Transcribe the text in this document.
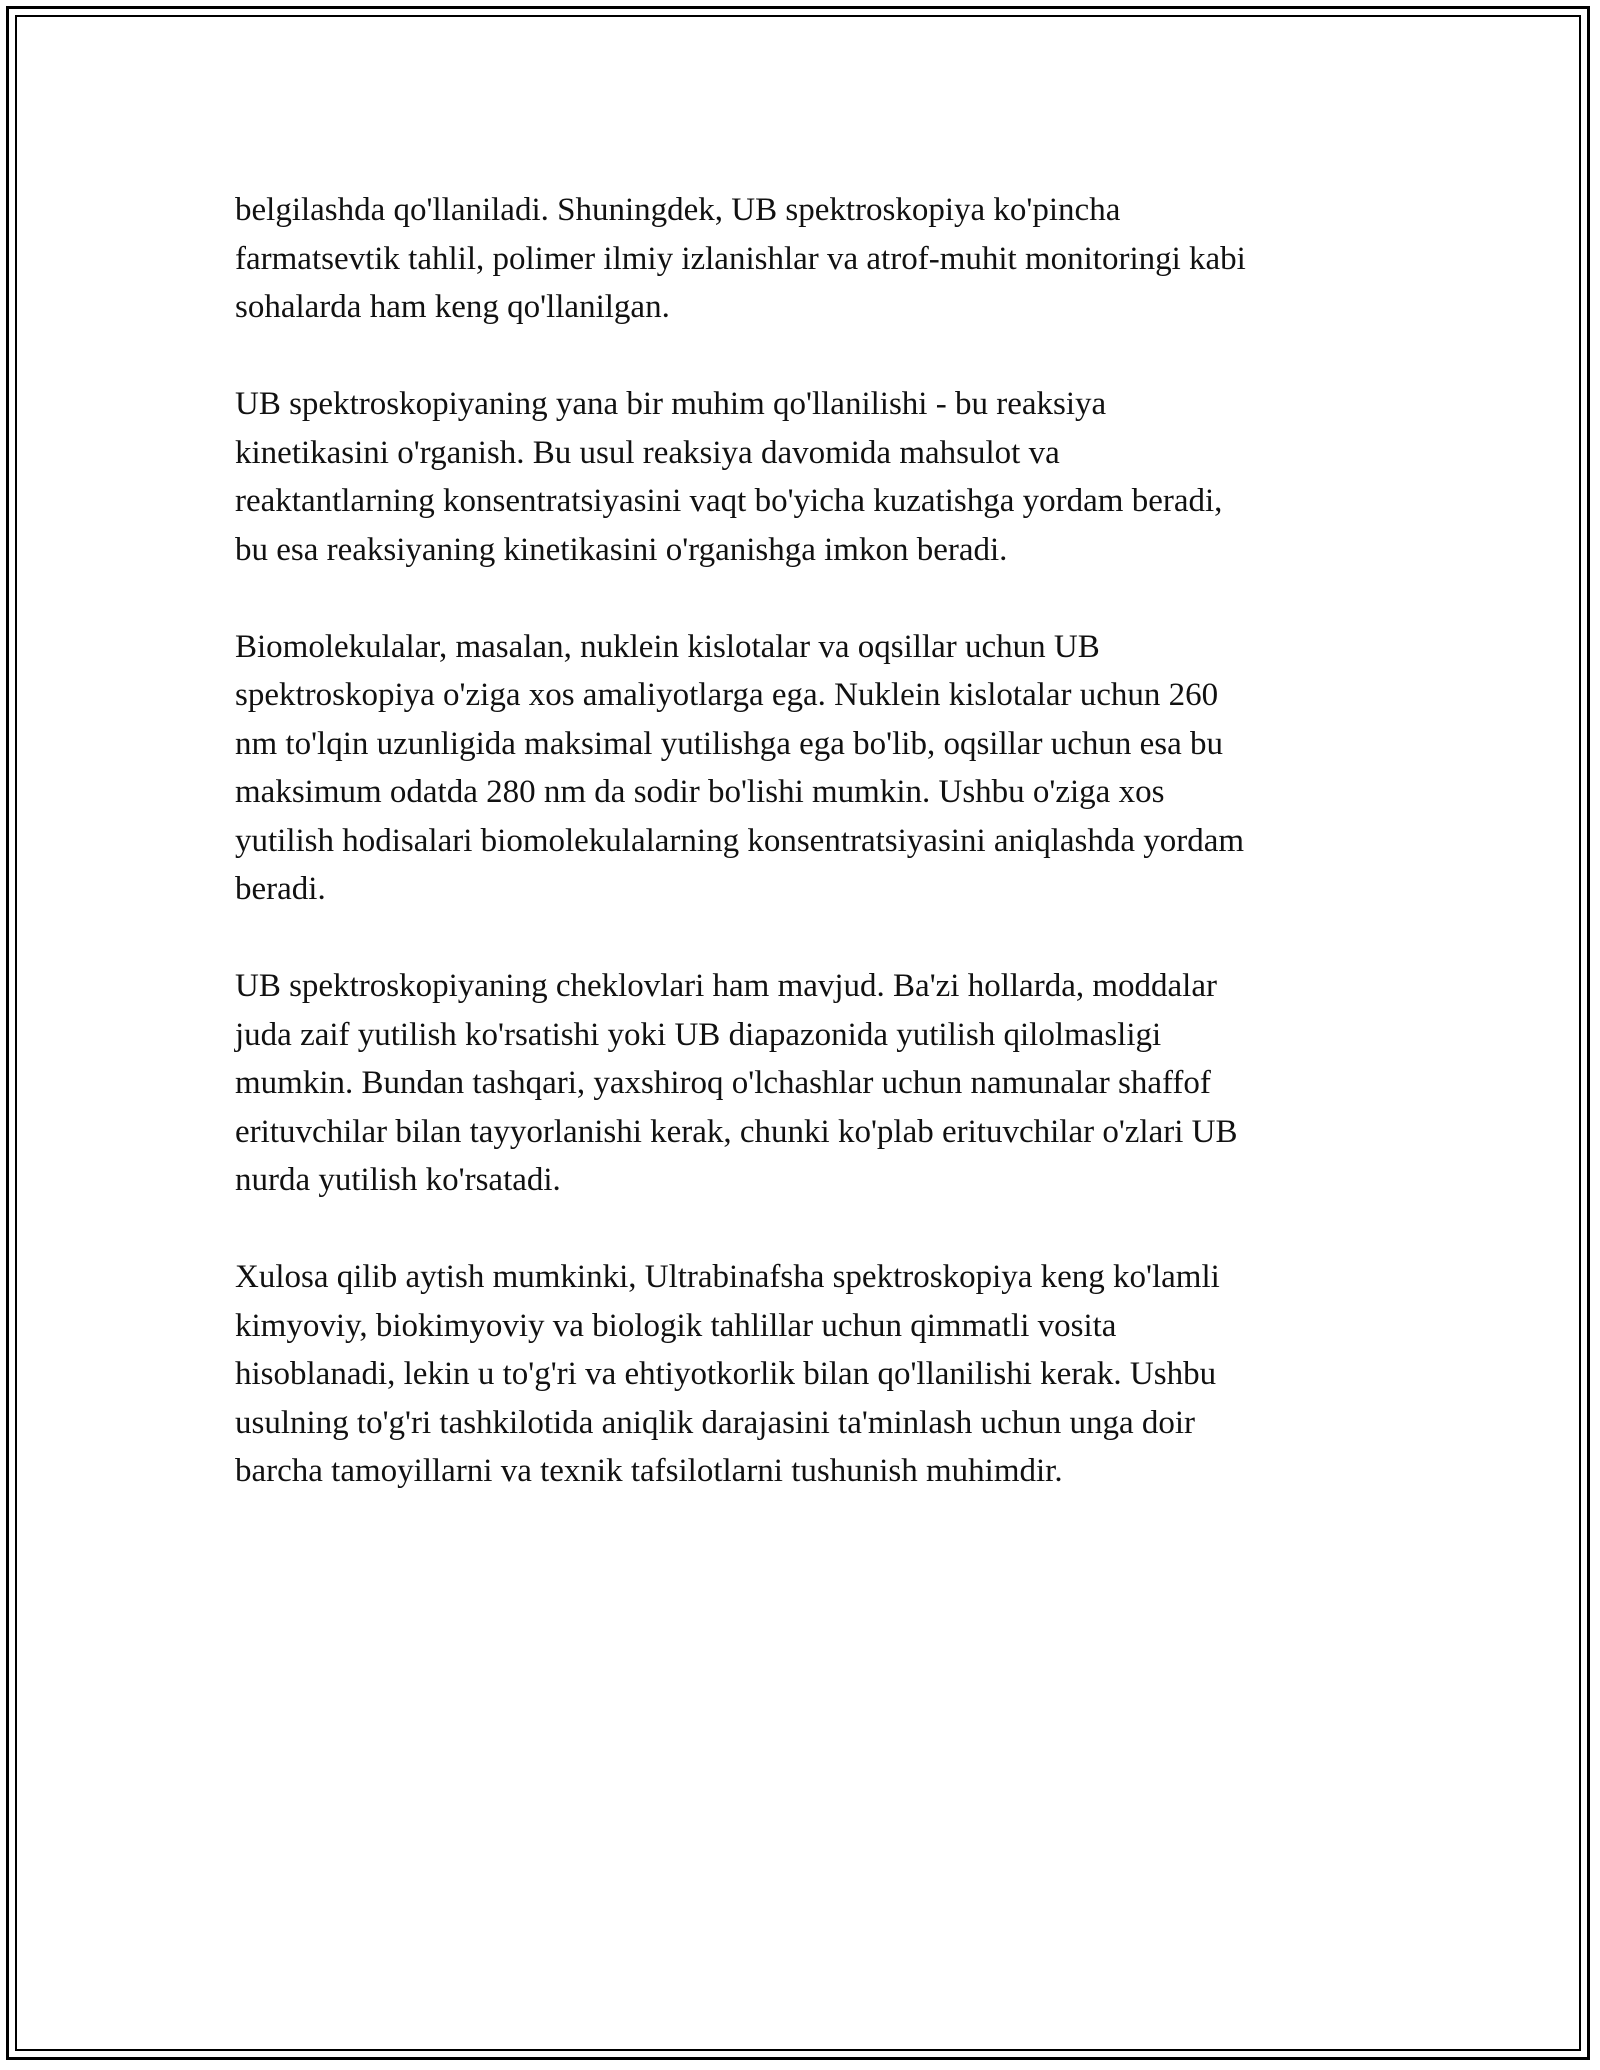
belgilashda qo'llaniladi. Shuningdek, UB spektroskopiya ko'pincha
farmatsevtik tahlil, polimer ilmiy izlanishlar va atrof-muhit monitoringi kabi
sohalarda ham keng qo'llanilgan.

UB spektroskopiyaning yana bir muhim qo'llanilishi - bu reaksiya
kinetikasini o'rganish. Bu usul reaksiya davomida mahsulot va
reaktantlarning konsentratsiyasini vaqt bo'yicha kuzatishga yordam beradi,
bu esa reaksiyaning kinetikasini o'rganishga imkon beradi.

Biomolekulalar, masalan, nuklein kislotalar va oqsillar uchun UB
spektroskopiya o'ziga xos amaliyotlarga ega. Nuklein kislotalar uchun 260
nm to'lqin uzunligida maksimal yutilishga ega bo'lib, oqsillar uchun esa bu
maksimum odatda 280 nm da sodir bo'lishi mumkin. Ushbu o'ziga xos
yutilish hodisalari biomolekulalarning konsentratsiyasini aniqlashda yordam
beradi.

UB spektroskopiyaning cheklovlari ham mavjud. Ba'zi hollarda, moddalar
juda zaif yutilish ko'rsatishi yoki UB diapazonida yutilish qilolmasligi
mumkin. Bundan tashqari, yaxshiroq o'lchashlar uchun namunalar shaffof
erituvchilar bilan tayyorlanishi kerak, chunki ko'plab erituvchilar o'zlari UB
nurda yutilish ko'rsatadi.

Xulosa qilib aytish mumkinki, Ultrabinafsha spektroskopiya keng ko'lamli
kimyoviy, biokimyoviy va biologik tahlillar uchun qimmatli vosita
hisoblanadi, lekin u to'g'ri va ehtiyotkorlik bilan qo'llanilishi kerak. Ushbu
usulning to'g'ri tashkilotida aniqlik darajasini ta'minlash uchun unga doir
barcha tamoyillarni va texnik tafsilotlarni tushunish muhimdir.
